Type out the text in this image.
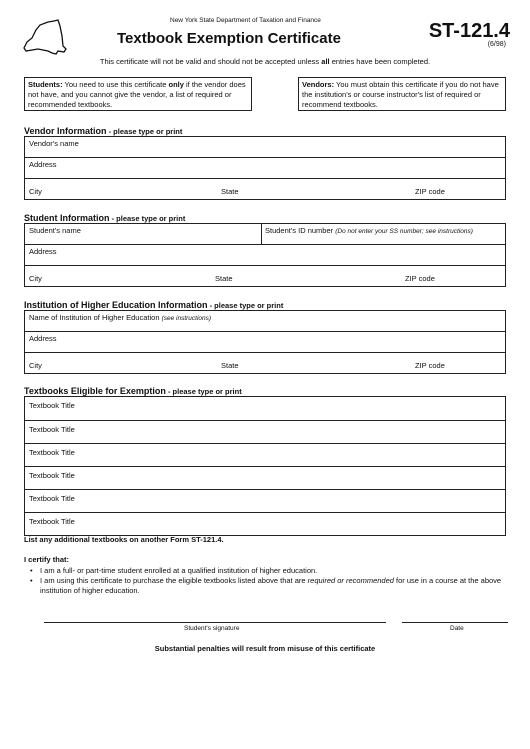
New York State Department of Taxation and Finance
Textbook Exemption Certificate	ST-121.4
(6/98)
This certificate will not be valid and should not be accepted unless all entries have been completed.
Students: You need to use this certificate only if the vendor does not have, and you cannot give the vendor, a list of required or recommended textbooks.
Vendors: You must obtain this certificate if you do not have the institution's or course instructor's list of required or recommend textbooks.
Vendor Information - please type or print
Vendor's name
Address
City	State	ZIP code
Student Information - please type or print
Student's name	Student's ID number (Do not enter your SS number; see instructions)
Address
City	State	ZIP code
Institution of Higher Education Information - please type or print
Name of Institution of Higher Education (see instructions)
Address
City	State	ZIP code
Textbooks Eligible for Exemption - please type or print
Textbook Title
Textbook Title
Textbook Title
Textbook Title
Textbook Title
Textbook Title
List any additional textbooks on another Form ST-121.4.
I certify that:
• I am a full- or part-time student enrolled at a qualified institution of higher education.
• I am using this certificate to purchase the eligible textbooks listed above that are required or recommended for use in a course at the above institution of higher education.
Student's signature	Date
Substantial penalties will result from misuse of this certificate
